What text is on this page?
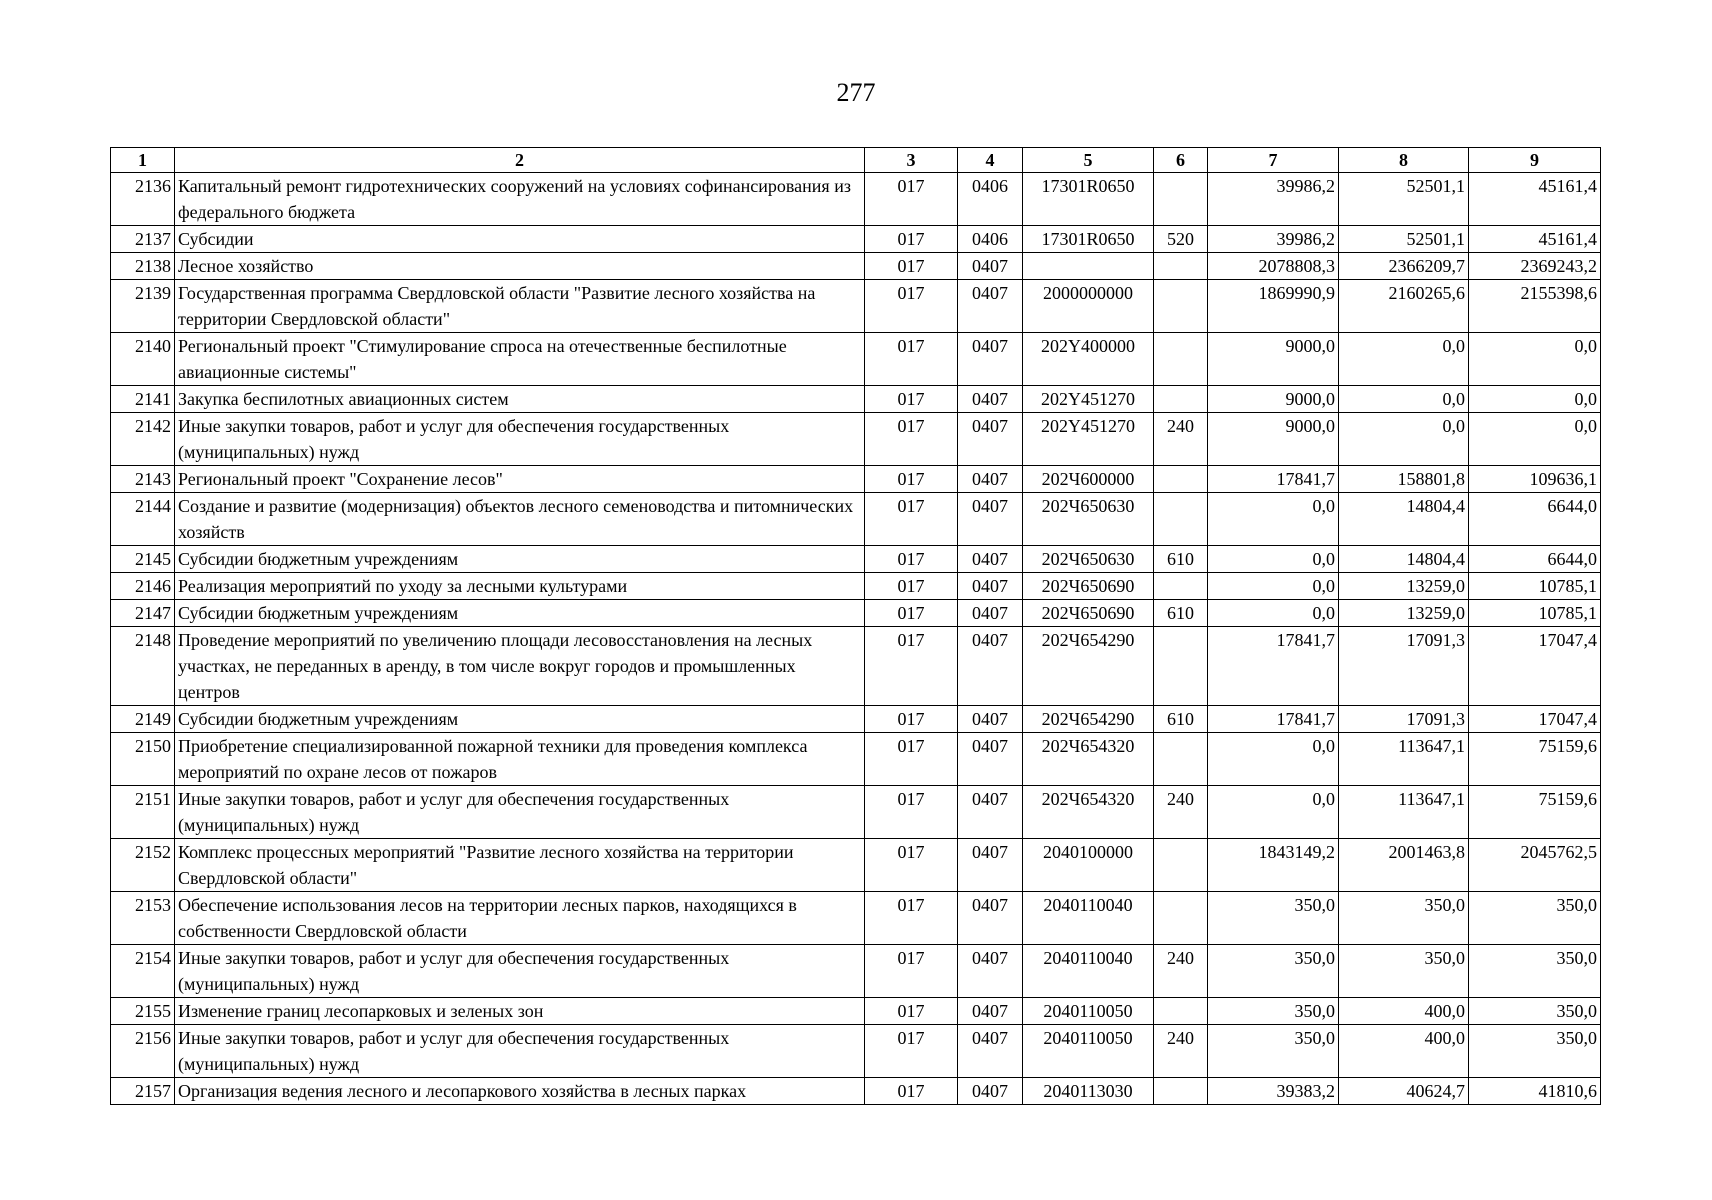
277
1	2	3	4	5	6	7	8	9
2136	Капитальный ремонт гидротехнических сооружений на условиях софинансирования из федерального бюджета	017	0406	17301R0650		39986,2	52501,1	45161,4
2137	Субсидии	017	0406	17301R0650	520	39986,2	52501,1	45161,4
2138	Лесное хозяйство	017	0407			2078808,3	2366209,7	2369243,2
2139	Государственная программа Свердловской области "Развитие лесного хозяйства на территории Свердловской области"	017	0407	2000000000		1869990,9	2160265,6	2155398,6
2140	Региональный проект "Стимулирование спроса на отечественные беспилотные авиационные системы"	017	0407	202Y400000		9000,0	0,0	0,0
2141	Закупка беспилотных авиационных систем	017	0407	202Y451270		9000,0	0,0	0,0
2142	Иные закупки товаров, работ и услуг для обеспечения государственных (муниципальных) нужд	017	0407	202Y451270	240	9000,0	0,0	0,0
2143	Региональный проект "Сохранение лесов"	017	0407	202Ч600000		17841,7	158801,8	109636,1
2144	Создание и развитие (модернизация) объектов лесного семеноводства и питомнических хозяйств	017	0407	202Ч650630		0,0	14804,4	6644,0
2145	Субсидии бюджетным учреждениям	017	0407	202Ч650630	610	0,0	14804,4	6644,0
2146	Реализация мероприятий по уходу за лесными культурами	017	0407	202Ч650690		0,0	13259,0	10785,1
2147	Субсидии бюджетным учреждениям	017	0407	202Ч650690	610	0,0	13259,0	10785,1
2148	Проведение мероприятий по увеличению площади лесовосстановления на лесных участках, не переданных в аренду, в том числе вокруг городов и промышленных центров	017	0407	202Ч654290		17841,7	17091,3	17047,4
2149	Субсидии бюджетным учреждениям	017	0407	202Ч654290	610	17841,7	17091,3	17047,4
2150	Приобретение специализированной пожарной техники для проведения комплекса мероприятий по охране лесов от пожаров	017	0407	202Ч654320		0,0	113647,1	75159,6
2151	Иные закупки товаров, работ и услуг для обеспечения государственных (муниципальных) нужд	017	0407	202Ч654320	240	0,0	113647,1	75159,6
2152	Комплекс процессных мероприятий "Развитие лесного хозяйства на территории Свердловской области"	017	0407	2040100000		1843149,2	2001463,8	2045762,5
2153	Обеспечение использования лесов на территории лесных парков, находящихся в собственности Свердловской области	017	0407	2040110040		350,0	350,0	350,0
2154	Иные закупки товаров, работ и услуг для обеспечения государственных (муниципальных) нужд	017	0407	2040110040	240	350,0	350,0	350,0
2155	Изменение границ лесопарковых и зеленых зон	017	0407	2040110050		350,0	400,0	350,0
2156	Иные закупки товаров, работ и услуг для обеспечения государственных (муниципальных) нужд	017	0407	2040110050	240	350,0	400,0	350,0
2157	Организация ведения лесного и лесопаркового хозяйства в лесных парках	017	0407	2040113030		39383,2	40624,7	41810,6
